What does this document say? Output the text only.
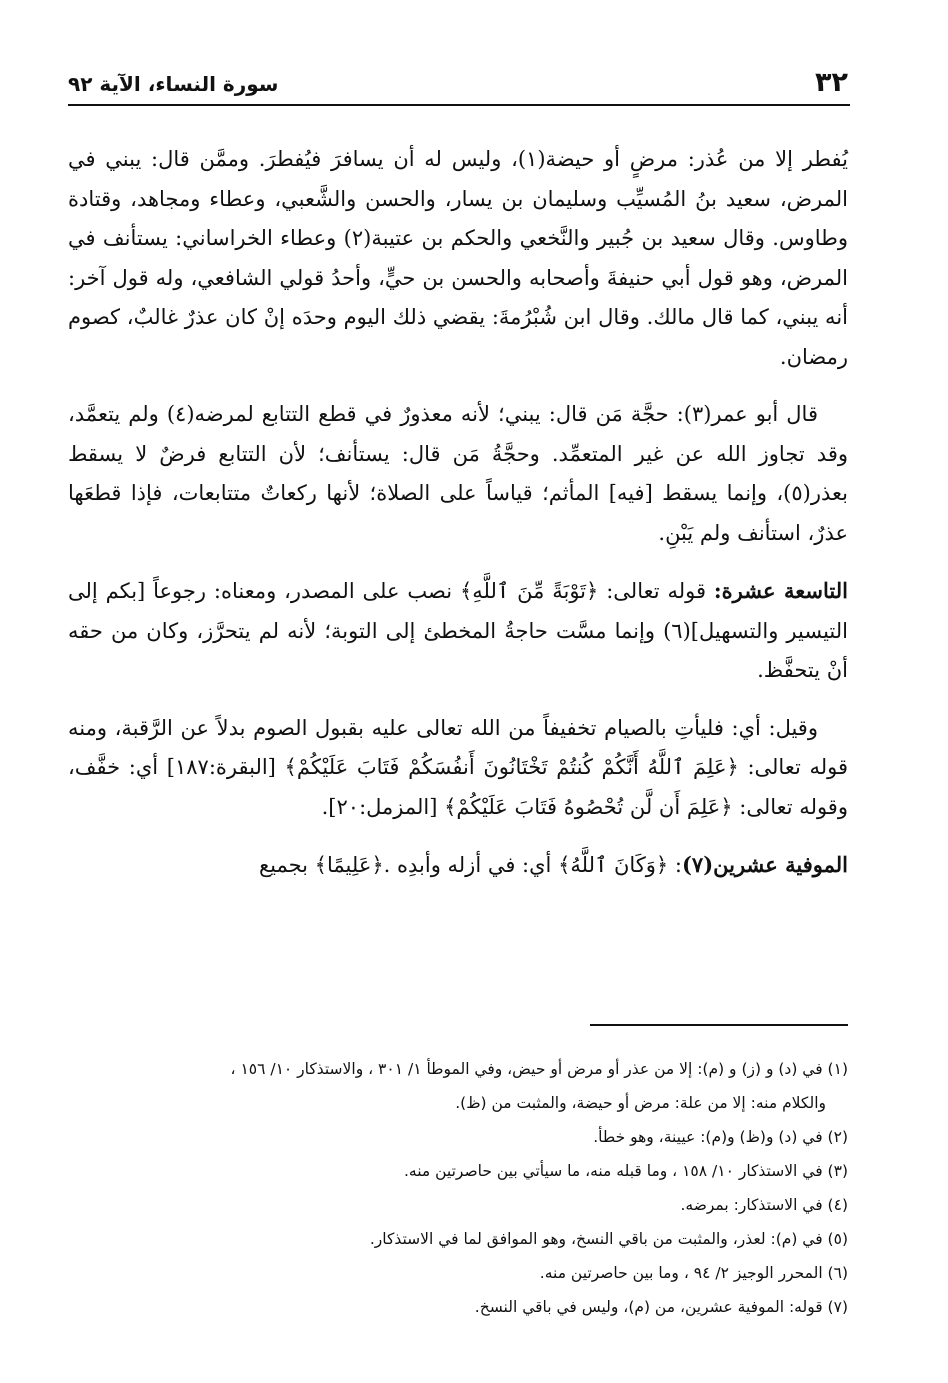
٣٢
سورة النساء، الآية ٩٢

يُفطر إلا من عُذر: مرضٍ أو حيضة(١)، وليس له أن يسافرَ فيُفطرَ. وممَّن قال: يبني في المرض، سعيد بنُ المُسيِّب وسليمان بن يسار، والحسن والشَّعبي، وعطاء ومجاهد، وقتادة وطاوس. وقال سعيد بن جُبير والنَّخعي والحكم بن عتيبة(٢) وعطاء الخراساني: يستأنف في المرض، وهو قول أبي حنيفةَ وأصحابه والحسن بن حيٍّ، وأحدُ قولي الشافعي، وله قول آخر: أنه يبني، كما قال مالك. وقال ابن شُبْرُمةَ: يقضي ذلك اليوم وحدَه إنْ كان عذرٌ غالبٌ، كصوم رمضان.

قال أبو عمر(٣): حجَّة مَن قال: يبني؛ لأنه معذورٌ في قطع التتابع لمرضه(٤) ولم يتعمَّد، وقد تجاوز الله عن غير المتعمِّد. وحجَّةُ مَن قال: يستأنف؛ لأن التتابع فرضٌ لا يسقط بعذر(٥)، وإنما يسقط [فيه] المأثم؛ قياساً على الصلاة؛ لأنها ركعاتٌ متتابعات، فإذا قطعَها عذرٌ، استأنف ولم يَبْنِ.

التاسعة عشرة: قوله تعالى: ﴿تَوْبَةً مِّنَ ٱللَّهِ﴾ نصب على المصدر، ومعناه: رجوعاً [بكم إلى التيسير والتسهيل](٦) وإنما مسَّت حاجةُ المخطئ إلى التوبة؛ لأنه لم يتحرَّز، وكان من حقه أنْ يتحفَّظ.

وقيل: أي: فليأتِ بالصيام تخفيفاً من الله تعالى عليه بقبول الصوم بدلاً عن الرَّقبة، ومنه قوله تعالى: ﴿عَلِمَ ٱللَّهُ أَنَّكُمْ كُنتُمْ تَخْتَانُونَ أَنفُسَكُمْ فَتَابَ عَلَيْكُمْ﴾ [البقرة:١٨٧] أي: خفَّف، وقوله تعالى: ﴿عَلِمَ أَن لَّن تُحْصُوهُ فَتَابَ عَلَيْكُمْ﴾ [المزمل:٢٠].

الموفية عشرين(٧): ﴿وَكَانَ ٱللَّهُ﴾ أي: في أزله وأبدِه .﴿عَلِيمًا﴾ بجميع

(١) في (د) و (ز) و (م): إلا من عذر أو مرض أو حيض، وفي الموطأ ١/ ٣٠١ ، والاستذكار ١٠/ ١٥٦ ،

والكلام منه: إلا من علة: مرض أو حيضة، والمثبت من (ظ).

(٢) في (د) و(ظ) و(م): عيينة، وهو خطأ.

(٣) في الاستذكار ١٠/ ١٥٨ ، وما قبله منه، ما سيأتي بين حاصرتين منه.

(٤) في الاستذكار: بمرضه.

(٥) في (م): لعذر، والمثبت من باقي النسخ، وهو الموافق لما في الاستذكار.

(٦) المحرر الوجيز ٢/ ٩٤ ، وما بين حاصرتين منه.

(٧) قوله: الموفية عشرين، من (م)، وليس في باقي النسخ.
